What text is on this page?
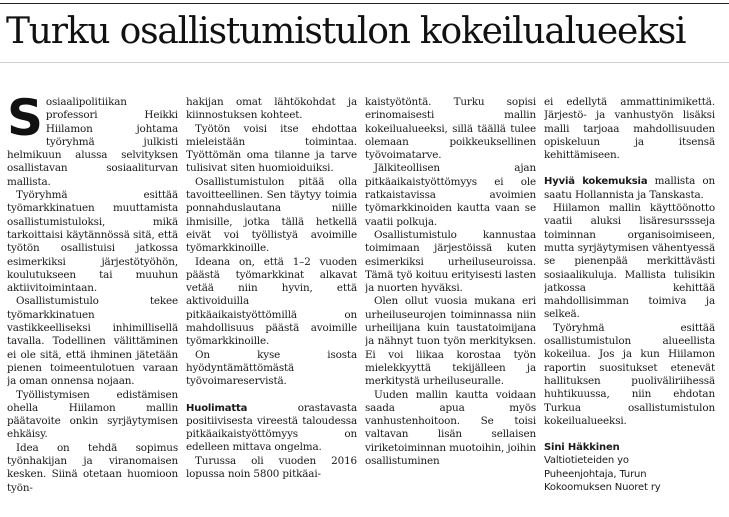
Turku osallistumistulon kokeilualueeksi

Sosiaalipolitiikan professori Heikki Hiilamon johtama työryhmä julkisti helmikuun alussa selvityksen osallistavan sosiaaliturvan mallista.

Työryhmä esittää työmarkkinatuen muuttamista osallistumistuloksi, mikä tarkoittaisi käytännössä sitä, että työtön osallistuisi jatkossa esimerkiksi järjestötyöhön, koulutukseen tai muuhun aktiivitoimintaan.

Osallistumistulo tekee työmarkkinatuen vastikkeelliseksi inhimillisellä tavalla. Todellinen välittäminen ei ole sitä, että ihminen jätetään pienen toimeentulotuen varaan ja oman onnensa nojaan.

Työllistymisen edistämisen ohella Hiilamon mallin päätavoite onkin syrjäytymisen ehkäisy.

Idea on tehdä sopimus työnhakijan ja viranomaisen kesken. Siinä otetaan huomioon työn-

hakijan omat lähtökohdat ja kiinnostuksen kohteet.

Työtön voisi itse ehdottaa mieleistään toimintaa. Työttömän oma tilanne ja tarve tulisivat siten huomioiduiksi.

Osallistumistulon pitää olla tavoitteellinen. Sen täytyy toimia ponnahduslautana niille ihmisille, jotka tällä hetkellä eivät voi työllistyä avoimille työmarkkinoille.

Ideana on, että 1–2 vuoden päästä työmarkkinat alkavat vetää niin hyvin, että aktivoiduilla pitkäaikaistyöttömillä on mahdollisuus päästä avoimille työmarkkinoille.

On kyse isosta hyödyntämättömästä työvoimareservistä.

Huolimatta orastavasta positiivisesta vireestä taloudessa pitkäaikaistyöttömyys on edelleen mittava ongelma.

Turussa oli vuoden 2016 lopussa noin 5800 pitkäai-

kaistyötöntä. Turku sopisi erinomaisesti mallin kokeilualueeksi, sillä täällä tulee olemaan poikkeuksellinen työvoimatarve.

Jälkiteollisen ajan pitkäaikaistyöttömyys ei ole ratkaistavissa avoimien työmarkkinoiden kautta vaan se vaatii polkuja.

Osallistumistulo kannustaa toimimaan järjestöissä kuten esimerkiksi urheiluseuroissa. Tämä työ koituu erityisesti lasten ja nuorten hyväksi.

Olen ollut vuosia mukana eri urheiluseurojen toiminnassa niin urheilijana kuin taustatoimijana ja nähnyt tuon työn merkityksen. Ei voi liikaa korostaa työn mielekkyyttä tekijälleen ja merkitystä urheiluseuralle.

Uuden mallin kautta voidaan saada apua myös vanhustenhoitoon. Se toisi valtavan lisän sellaisen viriketoiminnan muotoihin, joihin osallistuminen

ei edellytä ammattinimikettä. Järjestö- ja vanhustyön lisäksi malli tarjoaa mahdollisuuden opiskeluun ja itsensä kehittämiseen.

Hyviä kokemuksia mallista on saatu Hollannista ja Tanskasta.

Hiilamon mallin käyttöönotto vaatii aluksi lisäresurssseja toiminnan organisoimiseen, mutta syrjäytymisen vähentyessä se pienenpää merkittävästi sosiaalikuluja. Mallista tulisikin jatkossa kehittää mahdollisimman toimiva ja selkeä.

Työryhmä esittää osallistumistulon alueellista kokeilua. Jos ja kun Hiilamon raportin suositukset etenevät hallituksen puoliväliriihessä huhtikuussa, niin ehdotan Turkua osallistumistulon kokeilualueeksi.

Sini Häkkinen
Valtiotieteiden yo
Puheenjohtaja, Turun
Kokoomuksen Nuoret ry
